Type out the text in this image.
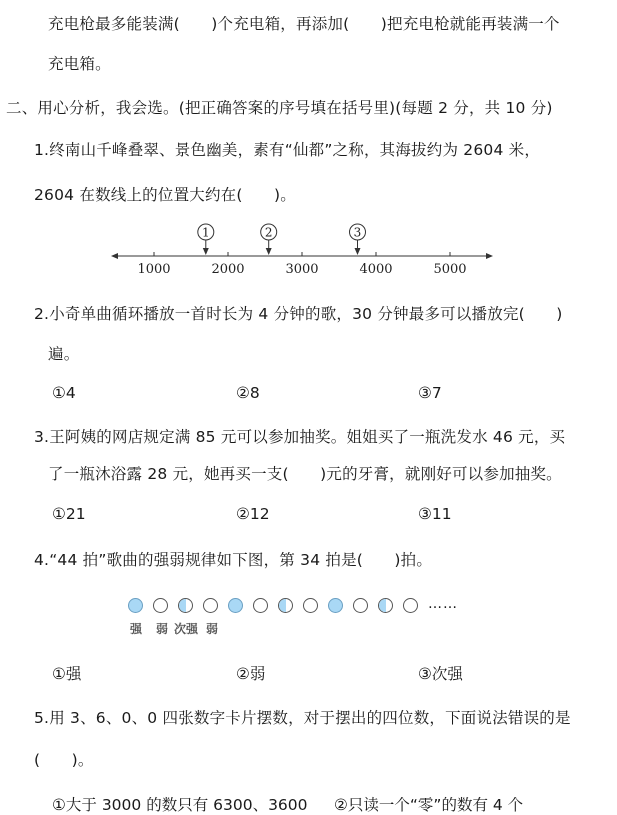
充电枪最多能装满(　　)个充电箱，再添加(　　)把充电枪就能再装满一个
充电箱。
二、用心分析，我会选。(把正确答案的序号填在括号里)(每题 2 分，共 10 分)
1.终南山千峰叠翠、景色幽美，素有“仙都”之称，其海拔约为 2604 米，
2604 在数线上的位置大约在(　　)。
1000	2000	3000	4000	5000
1	2	3
2.小奇单曲循环播放一首时长为 4 分钟的歌，30 分钟最多可以播放完(　　)
遍。
①4	②8	③7
3.王阿姨的网店规定满 85 元可以参加抽奖。姐姐买了一瓶洗发水 46 元，买
了一瓶沐浴露 28 元，她再买一支(　　)元的牙膏，就刚好可以参加抽奖。
①21	②12	③11
4.“44 拍”歌曲的强弱规律如下图，第 34 拍是(　　)拍。
……
强 弱 次强 弱
①强	②弱	③次强
5.用 3、6、0、0 四张数字卡片摆数，对于摆出的四位数，下面说法错误的是
(　　)。
①大于 3000 的数只有 6300、3600 ②只读一个“零”的数有 4 个
